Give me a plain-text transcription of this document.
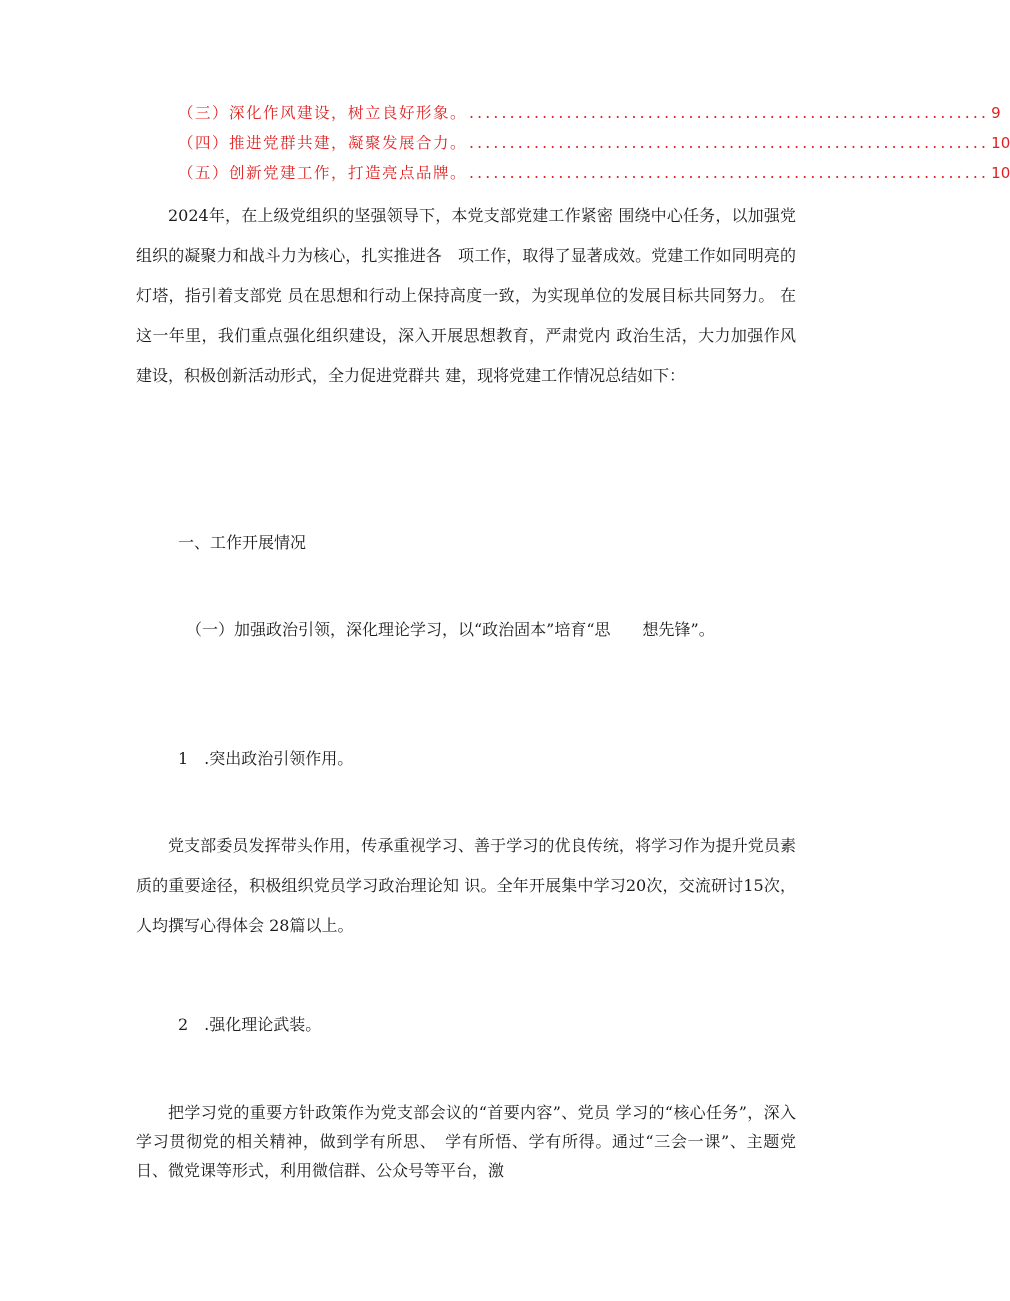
（三）深化作风建设，树立良好形象。 ................................................................ 9
（四）推进党群共建，凝聚发展合力。 ................................................................ 10
（五）创新党建工作，打造亮点品牌。 ................................................................ 10

2024年，在上级党组织的坚强领导下，本党支部党建工作紧密 围绕中心任务，以加强党组织的凝聚力和战斗力为核心，扎实推进各　项工作，取得了显著成效。党建工作如同明亮的灯塔，指引着支部党 员在思想和行动上保持高度一致，为实现单位的发展目标共同努力。 在这一年里，我们重点强化组织建设，深入开展思想教育，严肃党内 政治生活，大力加强作风建设，积极创新活动形式，全力促进党群共 建，现将党建工作情况总结如下：

一、工作开展情况

（一）加强政治引领，深化理论学习，以“政治固本”培育“思　　想先锋”。

1　.突出政治引领作用。

党支部委员发挥带头作用，传承重视学习、善于学习的优良传统，将学习作为提升党员素质的重要途径，积极组织党员学习政治理论知 识。全年开展集中学习20次，交流研讨15次，人均撰写心得体会 28篇以上。

2　.强化理论武装。

把学习党的重要方针政策作为党支部会议的“首要内容”、党员 学习的“核心任务”，深入学习贯彻党的相关精神，做到学有所思、　学有所悟、学有所得。通过“三会一课”、主题党日、微党课等形式，利用微信群、公众号等平台，激
